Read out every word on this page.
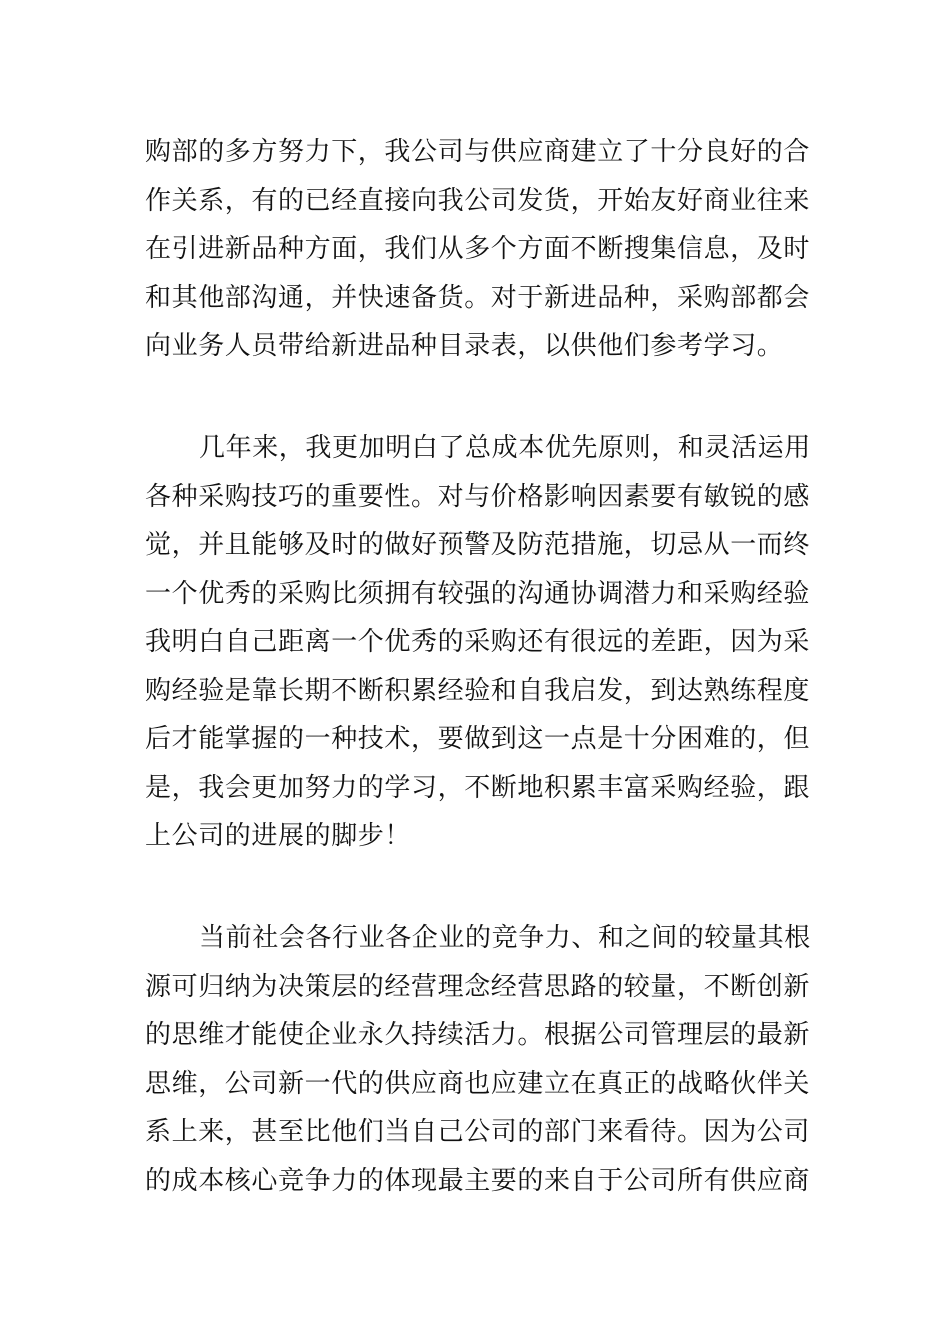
购部的多方努力下，我公司与供应商建立了十分良好的合
作关系，有的已经直接向我公司发货，开始友好商业往来
在引进新品种方面，我们从多个方面不断搜集信息，及时
和其他部沟通，并快速备货。对于新进品种，采购部都会
向业务人员带给新进品种目录表，以供他们参考学习。
几年来，我更加明白了总成本优先原则，和灵活运用
各种采购技巧的重要性。对与价格影响因素要有敏锐的感
觉，并且能够及时的做好预警及防范措施，切忌从一而终
一个优秀的采购比须拥有较强的沟通协调潜力和采购经验
我明白自己距离一个优秀的采购还有很远的差距，因为采
购经验是靠长期不断积累经验和自我启发，到达熟练程度
后才能掌握的一种技术，要做到这一点是十分困难的，但
是，我会更加努力的学习，不断地积累丰富采购经验，跟
上公司的进展的脚步！
当前社会各行业各企业的竞争力、和之间的较量其根
源可归纳为决策层的经营理念经营思路的较量，不断创新
的思维才能使企业永久持续活力。根据公司管理层的最新
思维，公司新一代的供应商也应建立在真正的战略伙伴关
系上来，甚至比他们当自己公司的部门来看待。因为公司
的成本核心竞争力的体现最主要的来自于公司所有供应商
